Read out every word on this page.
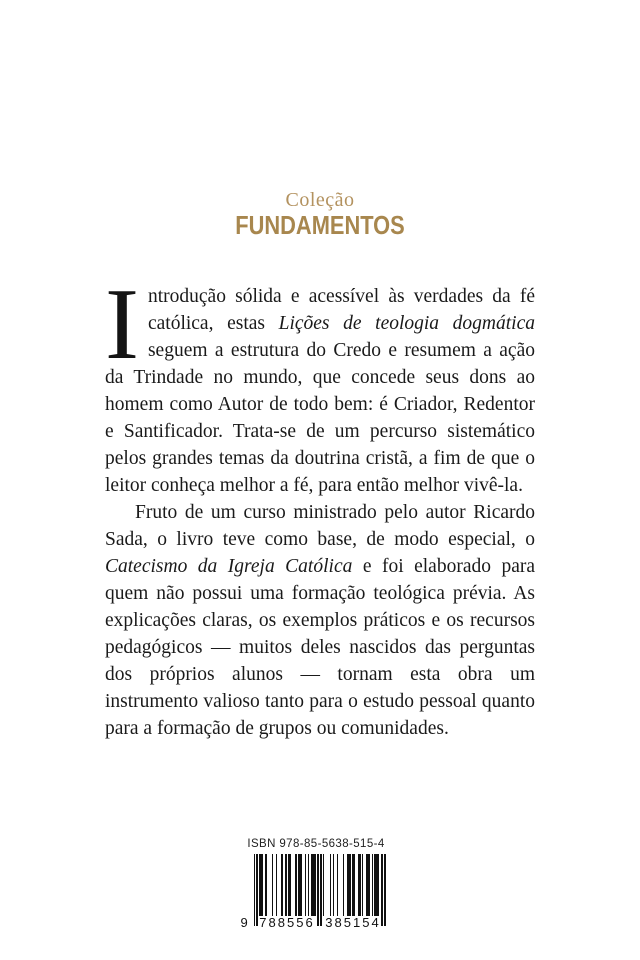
Coleção
FUNDAMENTOS

Introdução sólida e acessível às verdades da fé católica, estas Lições de teologia dogmática seguem a estrutura do Credo e resumem a ação da Trindade no mundo, que concede seus dons ao homem como Autor de todo bem: é Criador, Redentor e Santificador. Trata-se de um percurso sistemático pelos grandes temas da doutrina cristã, a fim de que o leitor conheça melhor a fé, para então melhor vivê-la.

Fruto de um curso ministrado pelo autor Ricardo Sada, o livro teve como base, de modo especial, o Catecismo da Igreja Católica e foi elaborado para quem não possui uma formação teológica prévia. As explicações claras, os exemplos práticos e os recursos pedagógicos — muitos deles nascidos das perguntas dos próprios alunos — tornam esta obra um instrumento valioso tanto para o estudo pessoal quanto para a formação de grupos ou comunidades.

ISBN 978-85-5638-515-4
9 788556 385154
